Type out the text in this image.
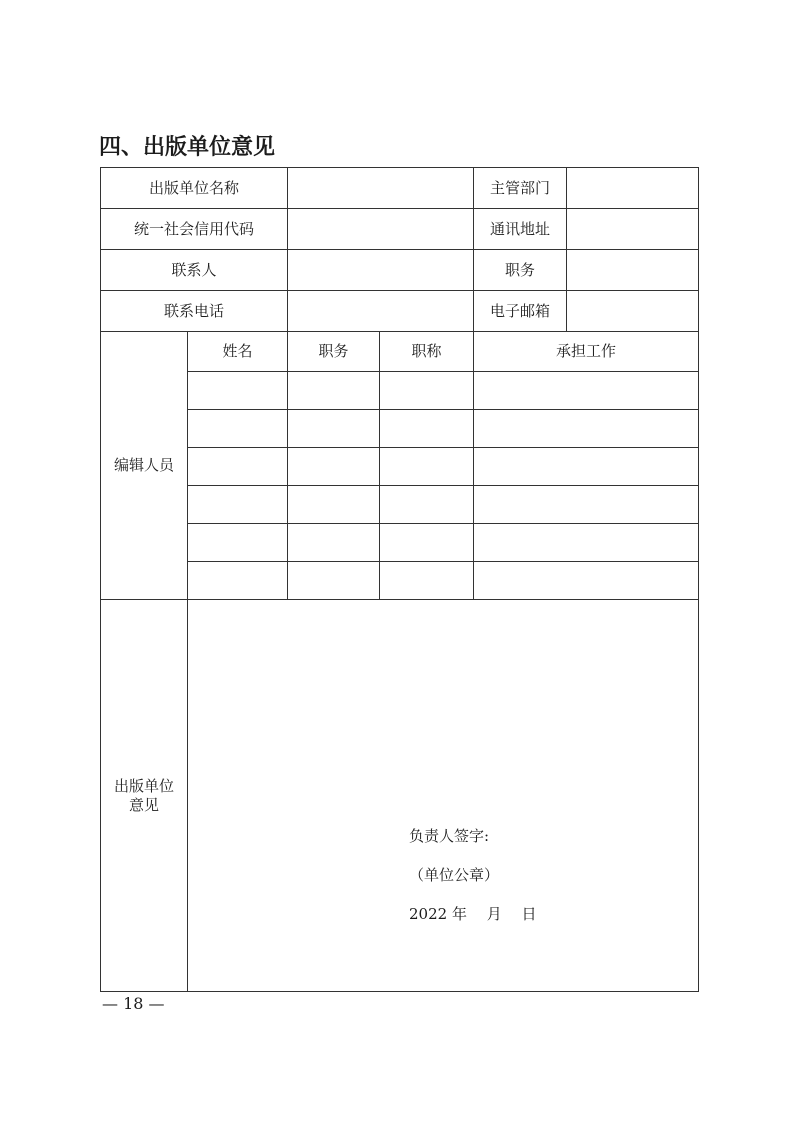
四、出版单位意见
出版单位名称				主管部门	
统一社会信用代码				通讯地址	
联系人				职务	
联系电话				电子邮箱	
编辑人员	姓名	职务	职称	承担工作	

出版单位
意见	
负责人签字:
（单位公章）
2022 年　 月　 日
— 18 —
